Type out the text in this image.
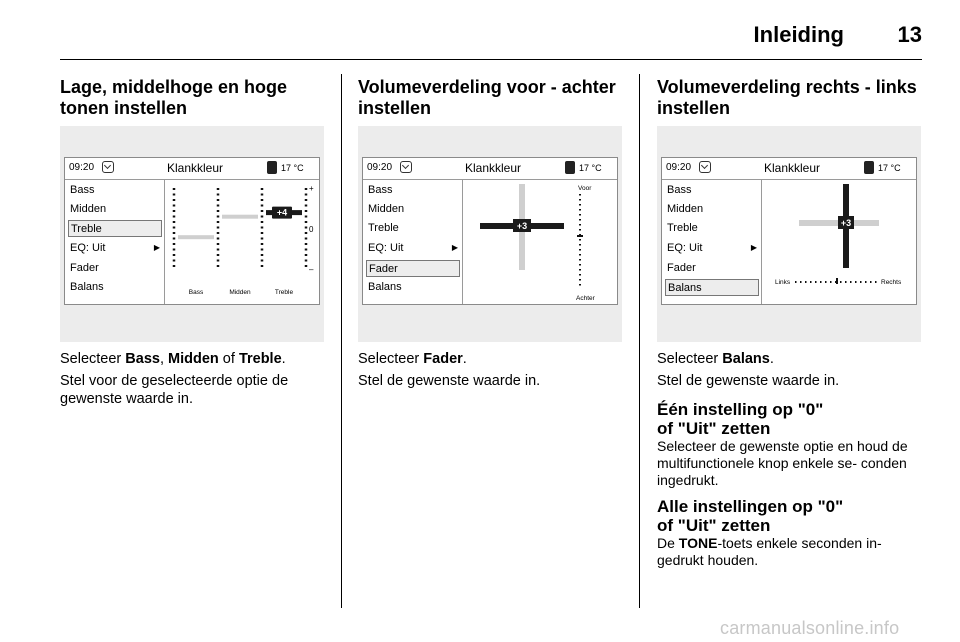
Inleiding 13
Lage, middelhoge en hoge tonen instellen
09:20	Klankkleur	17 °C
Bass
Midden
Treble
EQ: Uit	▶
Fader
Balans
+4
+
0
–
Bass	Midden	Treble

Selecteer Bass, Midden of Treble.

Stel voor de geselecteerde optie de gewenste waarde in.

Volumeverdeling voor - achter instellen
09:20	Klankkleur	17 °C
Bass
Midden
Treble
EQ: Uit	▶
Fader
Balans
+3
Voor
Achter

Selecteer Fader.

Stel de gewenste waarde in.

Volumeverdeling rechts - links instellen
09:20	Klankkleur	17 °C
Bass
Midden
Treble
EQ: Uit	▶
Fader
Balans
+3
Links	Rechts

Selecteer Balans.

Stel de gewenste waarde in.

Één instelling op "0"
of "Uit" zetten

Selecteer de gewenste optie en houd de multifunctionele knop enkele se- conden ingedrukt.

Alle instellingen op "0"
of "Uit" zetten

De TONE-toets enkele seconden in- gedrukt houden.

carmanualsonline.info
